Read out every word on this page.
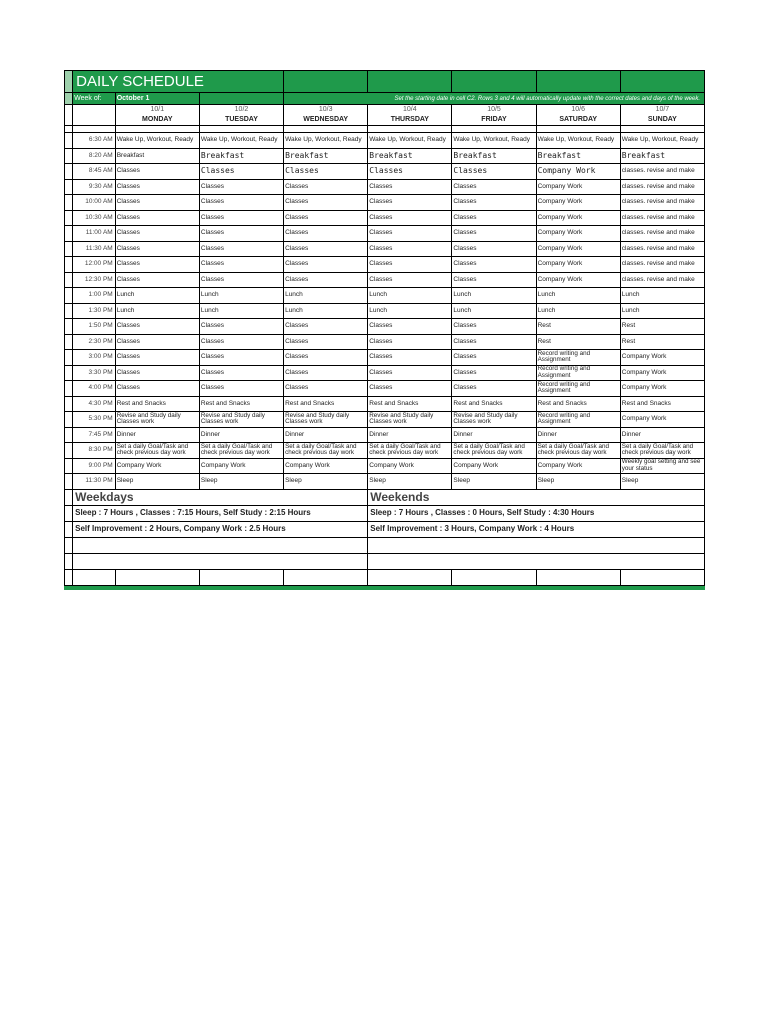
	DAILY SCHEDULE							
	Week of:	October 1		Set the starting date in cell C2. Rows 3 and 4 will automatically update with the correct dates and days of the week.				
		10/1	10/2	10/3	10/4	10/5	10/6	10/7
		MONDAY	TUESDAY	WEDNESDAY	THURSDAY	FRIDAY	SATURDAY	SUNDAY

	6:30 AM	Wake Up, Workout, Ready	Wake Up, Workout, Ready	Wake Up, Workout, Ready	Wake Up, Workout, Ready	Wake Up, Workout, Ready	Wake Up, Workout, Ready	Wake Up, Workout, Ready
	8:20 AM	Breakfast	Breakfast	Breakfast	Breakfast	Breakfast	Breakfast	Breakfast
	8:45 AM	Classes	Classes	Classes	Classes	Classes	Company Work	classes. revise and make
	9:30 AM	Classes	Classes	Classes	Classes	Classes	Company Work	classes. revise and make
	10:00 AM	Classes	Classes	Classes	Classes	Classes	Company Work	classes. revise and make
	10:30 AM	Classes	Classes	Classes	Classes	Classes	Company Work	classes. revise and make
	11:00 AM	Classes	Classes	Classes	Classes	Classes	Company Work	classes. revise and make
	11:30 AM	Classes	Classes	Classes	Classes	Classes	Company Work	classes. revise and make
	12:00 PM	Classes	Classes	Classes	Classes	Classes	Company Work	classes. revise and make
	12:30 PM	Classes	Classes	Classes	Classes	Classes	Company Work	classes. revise and make
	1:00 PM	Lunch	Lunch	Lunch	Lunch	Lunch	Lunch	Lunch
	1:30 PM	Lunch	Lunch	Lunch	Lunch	Lunch	Lunch	Lunch
	1:50 PM	Classes	Classes	Classes	Classes	Classes	Rest	Rest
	2:30 PM	Classes	Classes	Classes	Classes	Classes	Rest	Rest
	3:00 PM	Classes	Classes	Classes	Classes	Classes	Record writing and Assignment	Company Work
	3:30 PM	Classes	Classes	Classes	Classes	Classes	Record writing and Assignment	Company Work
	4:00 PM	Classes	Classes	Classes	Classes	Classes	Record writing and Assignment	Company Work
	4:30 PM	Rest and Snacks	Rest and Snacks	Rest and Snacks	Rest and Snacks	Rest and Snacks	Rest and Snacks	Rest and Snacks
	5:30 PM	Revise and Study daily Classes work	Revise and Study daily Classes work	Revise and Study daily Classes work	Revise and Study daily Classes work	Revise and Study daily Classes work	Record writing and Assignment	Company Work
	7:45 PM	Dinner	Dinner	Dinner	Dinner	Dinner	Dinner	Dinner
	8:30 PM	Set a daily Goal/Task and check previous day work	Set a daily Goal/Task and check previous day work	Set a daily Goal/Task and check previous day work	Set a daily Goal/Task and check previous day work	Set a daily Goal/Task and check previous day work	Set a daily Goal/Task and check previous day work	Set a daily Goal/Task and check previous day work
	9:00 PM	Company Work	Company Work	Company Work	Company Work	Company Work	Company Work	Weekly goal setting and see your status
	11:30 PM	Sleep	Sleep	Sleep	Sleep	Sleep	Sleep	Sleep
	Weekdays				Weekends			
	Sleep : 7 Hours , Classes : 7:15 Hours, Self Study : 2:15 Hours				Sleep : 7 Hours , Classes : 0 Hours, Self Study : 4:30 Hours			
	Self Improvement : 2 Hours, Company Work : 2.5 Hours				Self Improvement : 3 Hours, Company Work : 4 Hours			
